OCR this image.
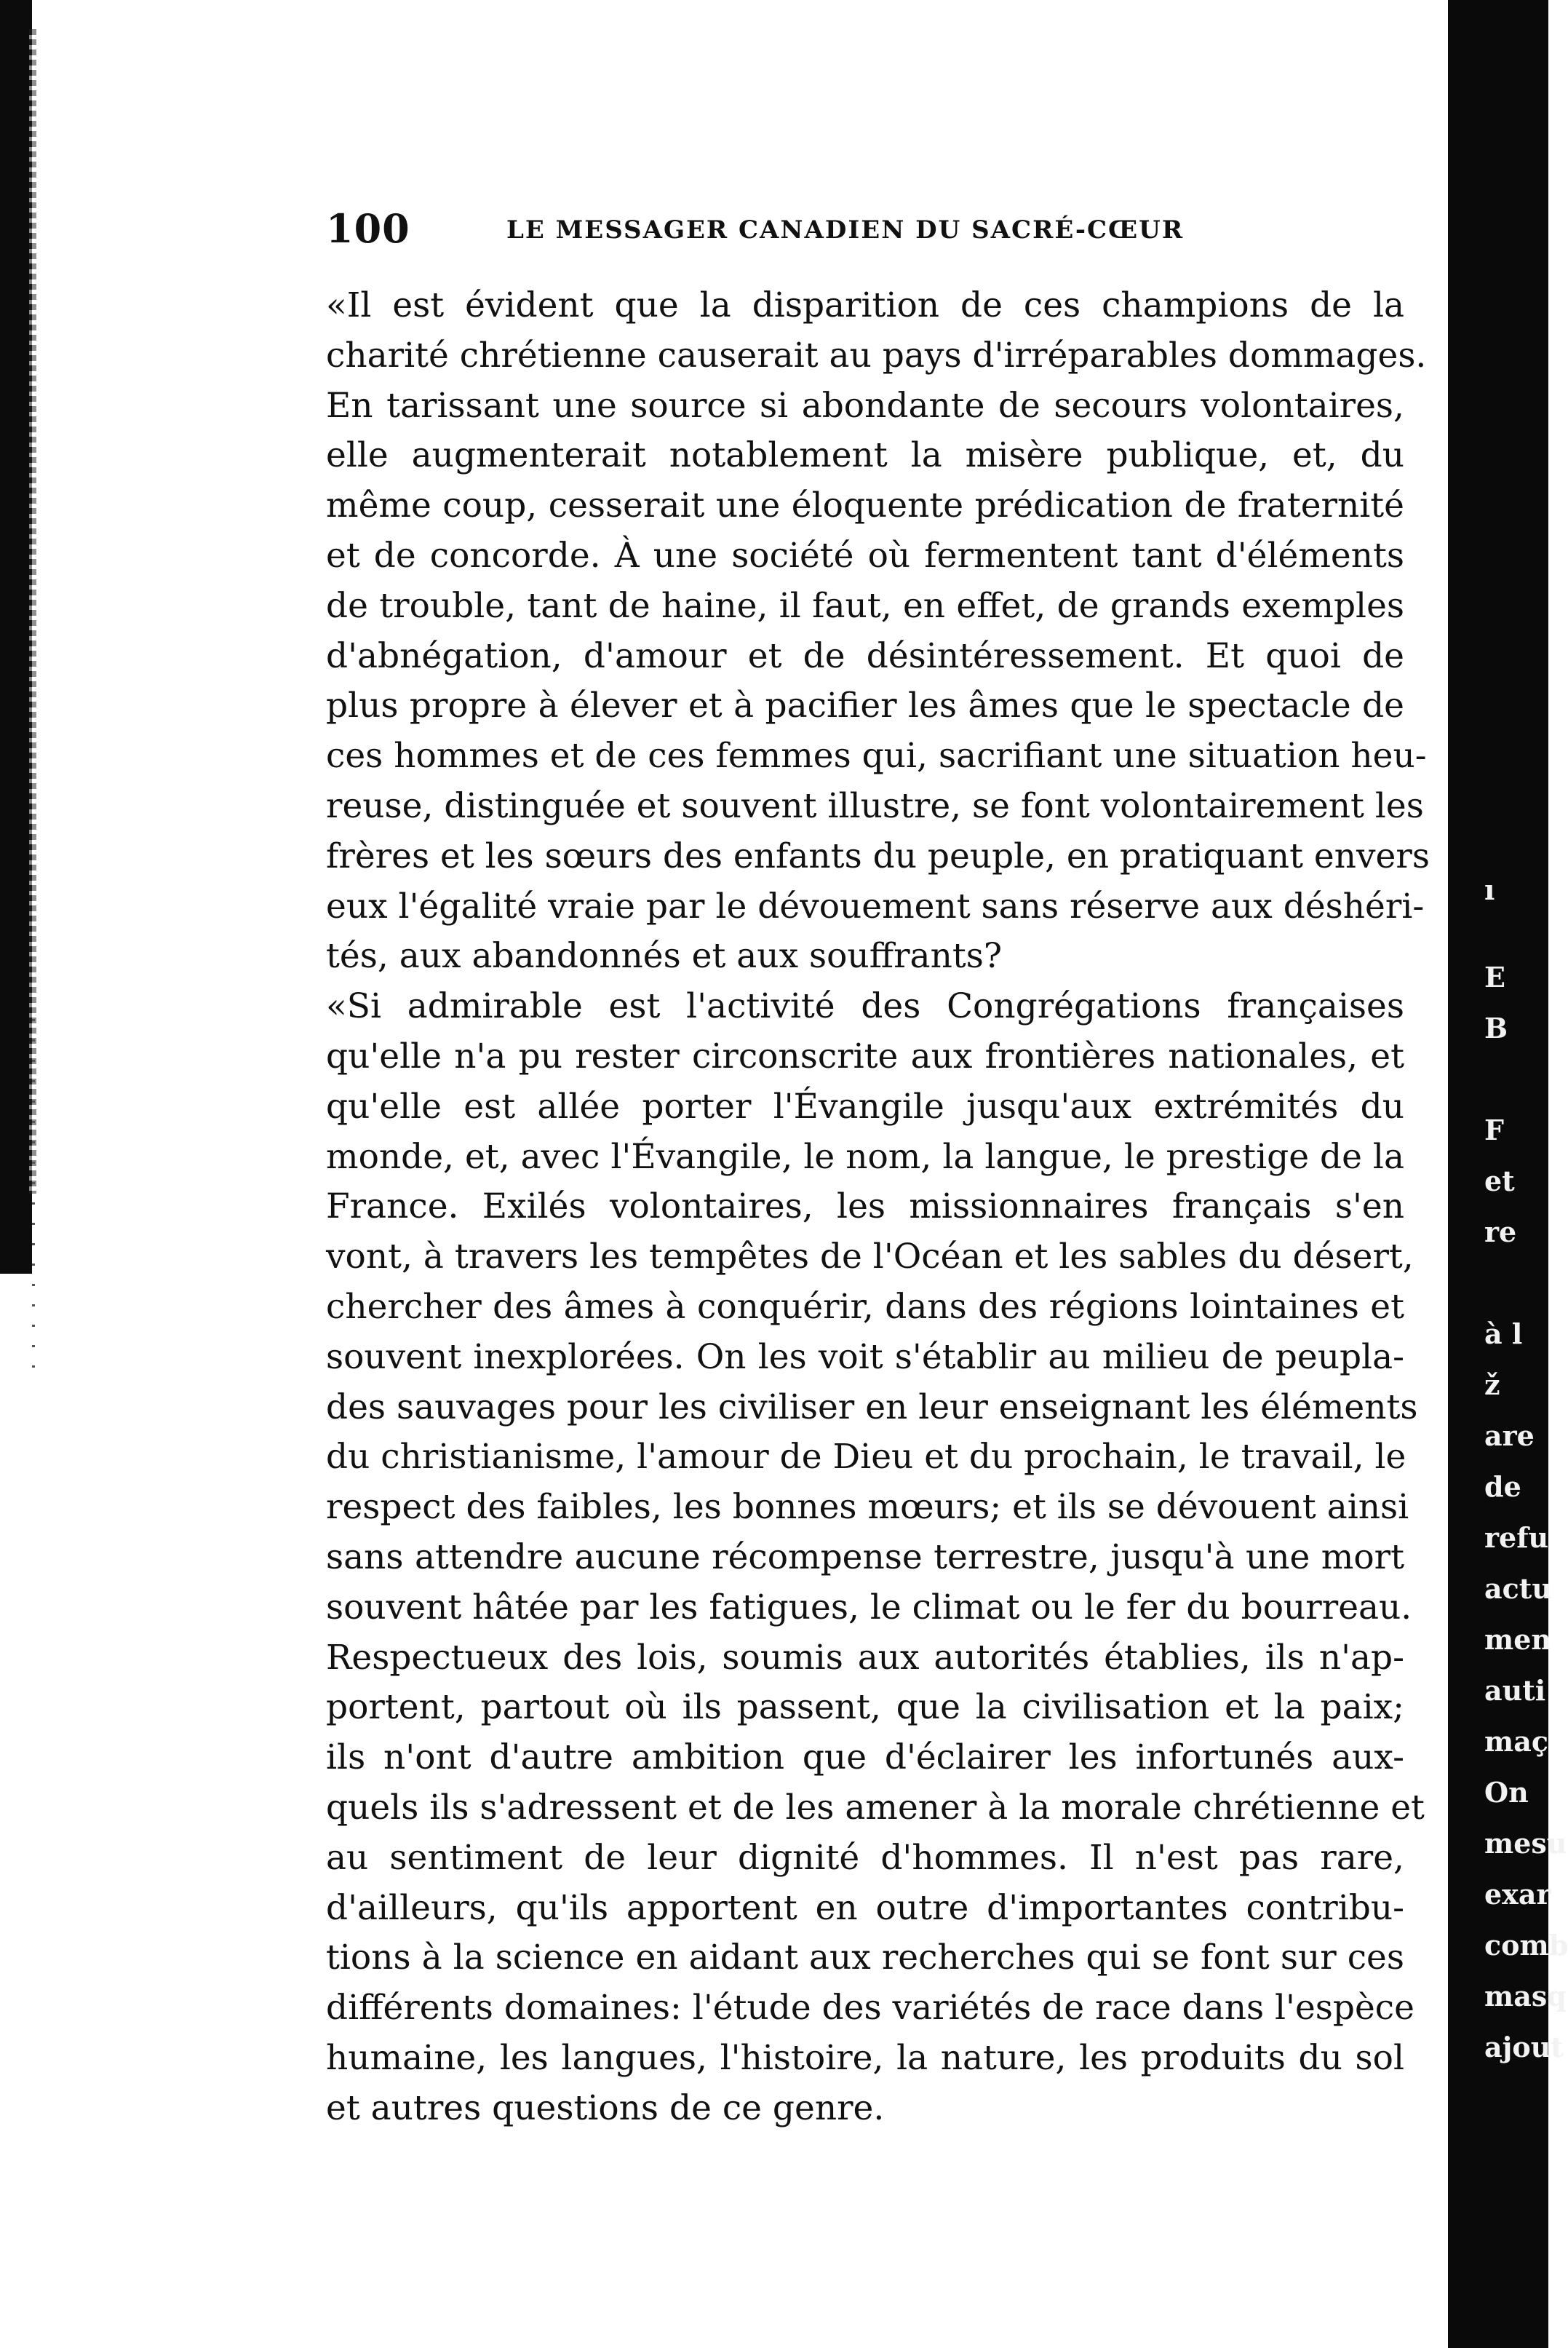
100	LE MESSAGER CANADIEN DU SACRÉ-CŒUR
«Il est évident que la disparition de ces champions de la
charité chrétienne causerait au pays d'irréparables dommages.
En tarissant une source si abondante de secours volontaires,
elle augmenterait notablement la misère publique, et, du
même coup, cesserait une éloquente prédication de fraternité
et de concorde. À une société où fermentent tant d'éléments
de trouble, tant de haine, il faut, en effet, de grands exemples
d'abnégation, d'amour et de désintéressement. Et quoi de
plus propre à élever et à pacifier les âmes que le spectacle de
ces hommes et de ces femmes qui, sacrifiant une situation heu-
reuse, distinguée et souvent illustre, se font volontairement les
frères et les sœurs des enfants du peuple, en pratiquant envers
eux l'égalité vraie par le dévouement sans réserve aux déshéri-
tés, aux abandonnés et aux souffrants?
«Si admirable est l'activité des Congrégations françaises
qu'elle n'a pu rester circonscrite aux frontières nationales, et
qu'elle est allée porter l'Évangile jusqu'aux extrémités du
monde, et, avec l'Évangile, le nom, la langue, le prestige de la
France. Exilés volontaires, les missionnaires français s'en
vont, à travers les tempêtes de l'Océan et les sables du désert,
chercher des âmes à conquérir, dans des régions lointaines et
souvent inexplorées. On les voit s'établir au milieu de peupla-
des sauvages pour les civiliser en leur enseignant les éléments
du christianisme, l'amour de Dieu et du prochain, le travail, le
respect des faibles, les bonnes mœurs; et ils se dévouent ainsi
sans attendre aucune récompense terrestre, jusqu'à une mort
souvent hâtée par les fatigues, le climat ou le fer du bourreau.
Respectueux des lois, soumis aux autorités établies, ils n'ap-
portent, partout où ils passent, que la civilisation et la paix;
ils n'ont d'autre ambition que d'éclairer les infortunés aux-
quels ils s'adressent et de les amener à la morale chrétienne et
au sentiment de leur dignité d'hommes. Il n'est pas rare,
d'ailleurs, qu'ils apportent en outre d'importantes contribu-
tions à la science en aidant aux recherches qui se font sur ces
différents domaines: l'étude des variétés de race dans l'espèce
humaine, les langues, l'histoire, la nature, les produits du sol
et autres questions de ce genre.
ı
E
B
F
et
re
à l
ž
are
de
refu
actu
men
auti
maç
On
mesu
exar
comb
masq
ajout
